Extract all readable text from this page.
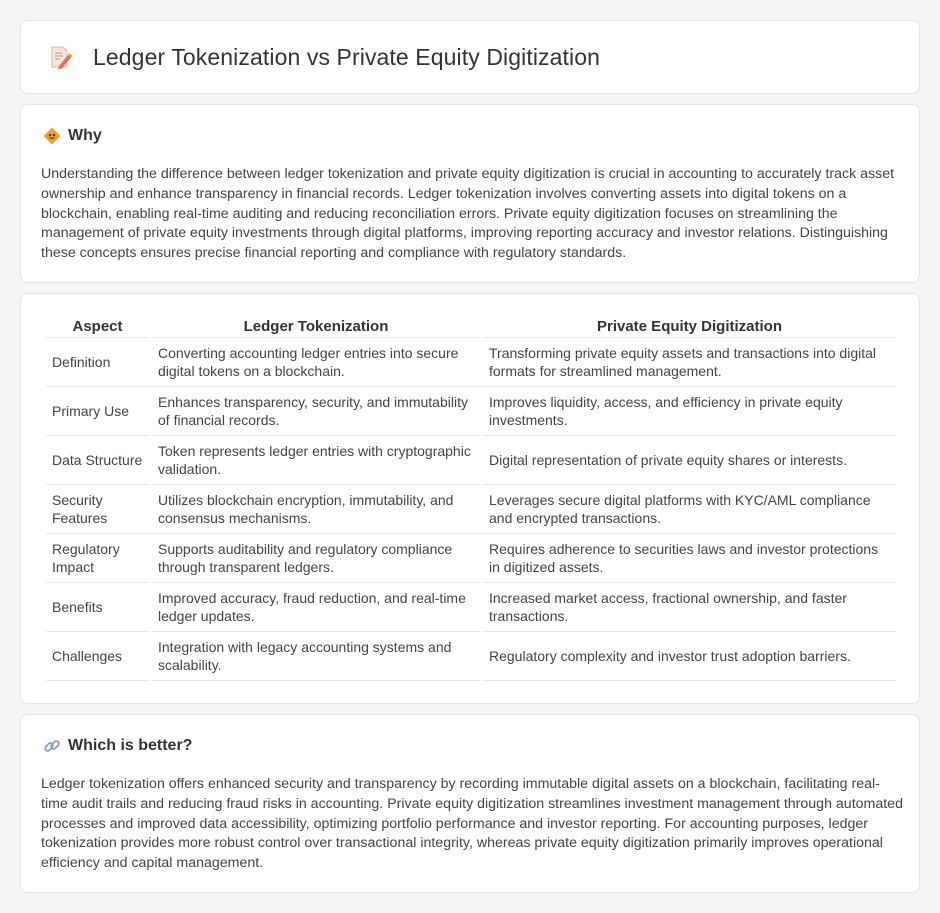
Ledger Tokenization vs Private Equity Digitization
Why

Understanding the difference between ledger tokenization and private equity digitization is crucial in accounting to accurately track asset ownership and enhance transparency in financial records. Ledger tokenization involves converting assets into digital tokens on a blockchain, enabling real-time auditing and reducing reconciliation errors. Private equity digitization focuses on streamlining the management of private equity investments through digital platforms, improving reporting accuracy and investor relations. Distinguishing these concepts ensures precise financial reporting and compliance with regulatory standards.

Aspect	Ledger Tokenization	Private Equity Digitization
Definition	Converting accounting ledger entries into secure digital tokens on a blockchain.	Transforming private equity assets and transactions into digital formats for streamlined management.
Primary Use	Enhances transparency, security, and immutability of financial records.	Improves liquidity, access, and efficiency in private equity investments.
Data Structure	Token represents ledger entries with cryptographic validation.	Digital representation of private equity shares or interests.
Security Features	Utilizes blockchain encryption, immutability, and consensus mechanisms.	Leverages secure digital platforms with KYC/AML compliance and encrypted transactions.
Regulatory Impact	Supports auditability and regulatory compliance through transparent ledgers.	Requires adherence to securities laws and investor protections in digitized assets.
Benefits	Improved accuracy, fraud reduction, and real-time ledger updates.	Increased market access, fractional ownership, and faster transactions.
Challenges	Integration with legacy accounting systems and scalability.	Regulatory complexity and investor trust adoption barriers.
Which is better?

Ledger tokenization offers enhanced security and transparency by recording immutable digital assets on a blockchain, facilitating real-time audit trails and reducing fraud risks in accounting. Private equity digitization streamlines investment management through automated processes and improved data accessibility, optimizing portfolio performance and investor reporting. For accounting purposes, ledger tokenization provides more robust control over transactional integrity, whereas private equity digitization primarily improves operational efficiency and capital management.
